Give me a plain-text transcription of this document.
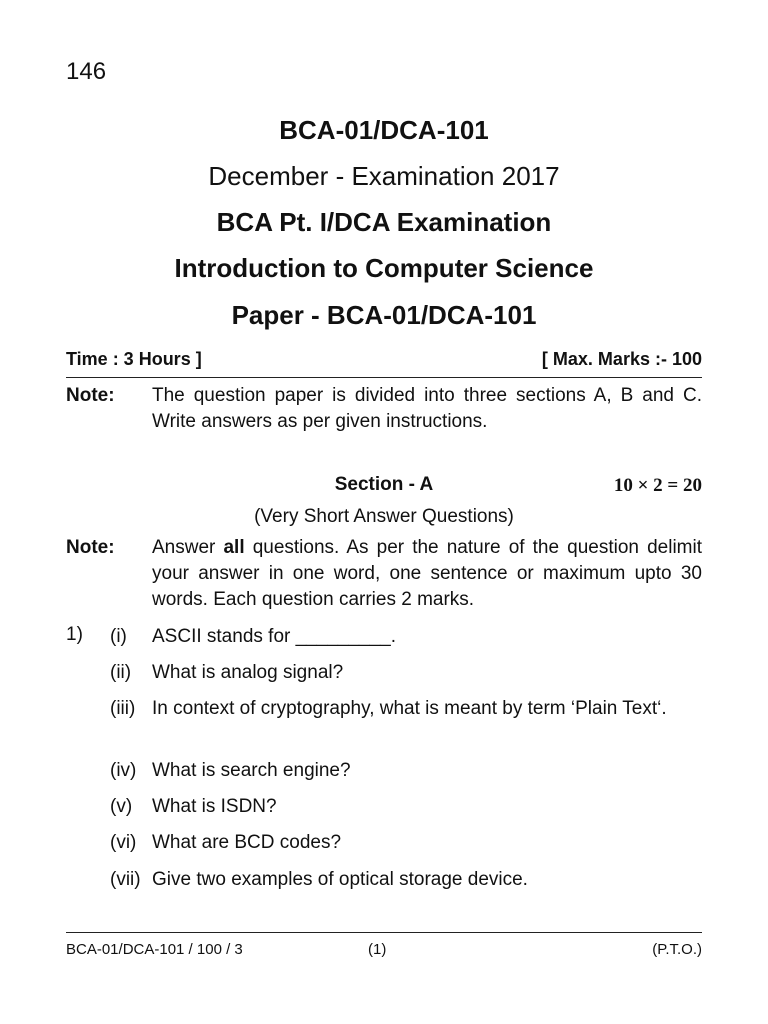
146
BCA-01/DCA-101
December - Examination 2017
BCA Pt. I/DCA Examination
Introduction to Computer Science
Paper - BCA-01/DCA-101
Time : 3 Hours ]	[ Max. Marks :- 100
Note: The question paper is divided into three sections A, B and C. Write answers as per given instructions.
Section - A	10 × 2 = 20
(Very Short Answer Questions)
Note: Answer all questions. As per the nature of the question delimit your answer in one word, one sentence or maximum upto 30 words. Each question carries 2 marks.
1) (i) ASCII stands for _________.
(ii) What is analog signal?
(iii) In context of cryptography, what is meant by term ‘Plain Text‘.
(iv) What is search engine?
(v) What is ISDN?
(vi) What are BCD codes?
(vii) Give two examples of optical storage device.
BCA-01/DCA-101 / 100 / 3	(1)	(P.T.O.)
